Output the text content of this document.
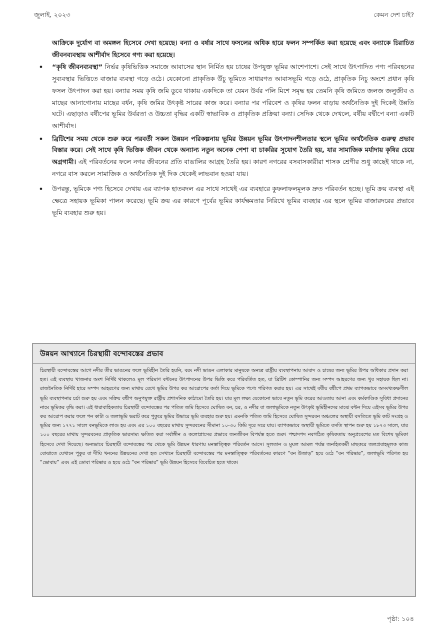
জুলাই, ২০২৩	কেমন দেশ চাই?

আক্রিকে দুর্যোগ বা অমঙ্গল হিসেবে দেখা হয়েছে। বন্যা ও বর্ষার সাথে ফসলের অধিক হারে ফলন সম্পর্কিত করা হয়েছে এবং বন্যাকে চিরাচিত জীবনব্যবস্থায় আশীর্বাদ হিসেবে গণ্য করা হয়েছে।

• “কৃষি জীবনব্যবস্থা” নির্ভর কৃষিভিত্তিক সমাজে আবাসের স্থান নির্মিত হয় চাষের উপযুক্ত ভূমির আশেপাশে। সেই সাথে উৎপাদিত পণ্য পরিবহনের সুব্যবস্থার ভিত্তিতে বাজার ব্যবস্থা গড়ে ওঠে। যেকোনো প্রাকৃতিক উঁচু ভূমিতে সাধারণত আবাসভূমি গড়ে ওঠে, প্রাকৃতিক নিচু অংশে প্রধান কৃষি ফসল উৎপাদন করা হয়। বন্যার সময় কৃষি জমি ডুবে থাকায় একদিকে তা যেমন উর্বর পলি মিশে সমৃদ্ধ হয় তেমনি কৃষি জমিতে জলজ জলুজীব ও মাছের আনাগোনায় মাছের বর্ধন, কৃষি জমির উৎকৃষ্ট সারের কাজ করে। বন্যার পর পরিবেশ ও কৃষির ফলন বাড়ায় অর্থনৈতিক দুই দিকেই উন্নতি ঘটে। এছাড়াও বর্ষীপের ভূমির উর্বরতা ও উচ্চতা বৃদ্ধির একটি স্বাভাবিক ও প্রাকৃতিক প্রক্রিয়া বন্যা। সেদিক থেকে দেখলে, বর্ষীয় বৰ্দ্বীপে বন্যা একটি আশীর্বাদ।

• ব্রিটিশের সময় থেকে শুরু করে পরবর্তী সকল উন্নয়ন পরিকল্পনায় ভূমির উন্নয়ন ভূমির উৎপাদনশীলতার স্থলে ভূমির অর্থনৈতিক গুরুত্ব প্রভাব বিস্তার করে। সেই সাথে কৃষি ভিত্তিক জীবন থেকে অন্যান্য নতুন অনেক পেশা বা চাকরির সুযোগ তৈরি হয়, যার সামাজিক মর্যাদায় কৃষির চেয়ে অগ্রগামী। এই পরিবর্তনের ফলে নগর জীবনের প্রতি বাঙালির আগ্রহ তৈরি হয়। কারণ নগরের বসবাসকারীরা শাসক শ্রেণীর শুধু কাছেই থাকে না, নগরে বাস করলে সামাজিক ও অর্থনৈতিক দুই দিক থেকেই লাভবান হওয়া যায়।

• উপরন্তু, ভূমিকে পণ্য হিসেবে দেখায় এর ব্যাপক হাতবদল এর সাথে সাথেই এর ব্যবহারে কুফলাফলমূলক দ্রুত পরিবর্তন হচ্ছে। ভূমি ক্রয় ব্যবস্থা এই ক্ষেত্রে সহায়ক ভূমিকা পালন করেছে। ভূমি ক্রয় এর কারণে পূর্বের ভূমির কার্যক্ষমতার নিরিখে ভূমির ব্যবহার এর স্থলে ভূমির বাজারদরের প্রভাবে ভূমি ব্যবহার শুরু হয়।

উন্নয়ন আখ্যানে চিরস্থায়ী বন্দোবস্তের প্রভাব

চিরস্থায়ী বন্দোবস্তের আগে নদীর তীর ভাঙনের ফলে ভূমিহীন তৈরি হয়নি, বরং নদী ভাঙন এলাকার মানুষকে অন্যত্র রাষ্ট্রীয় ব্যবস্থাপনায় আবাদ ও চাষের জন্য ভূমির উপর অধিকার প্রদান করা হত। এই ব্যবস্থায় খাজনার অংশ নির্দিষ্ট থাকলেও মূল পরিমাণ বন্টনের উৎপাদনের উপর ভিত্তি করে পরিবর্তিত হত, যা ব্রিটিশ কোম্পানির জন্য সম্পদ আহরণের জন্য খুব সহায়ক ছিল না। রাজনৈতিক নির্দিষ্ট হারে সম্পদ আহরণের জন্য মাথায় রেখে ভূমির উপর কর আরোপের কর্তা দিয়ে ভূমিকে পণ্যে পরিণত করার হয়। এর সাথেই বর্ষীয় বৰ্দ্বীপে প্রথম ব্যাপকভাবে অসংখ্যকক্ষণীল ভূমি ব্যবস্থাপনার চর্চা শুরু হয় এবং সক্রিয় বৰ্দ্বীপ অনুপযুক্ত রাষ্ট্রীয় প্রশাসনিক কাঠামো তৈরি হয়। যার মূল লক্ষ্য যেকোনো ভাবে নতুন ভূমি করের আওতায় আনা এবং কর্মকাণ্ডিক সুবিধা প্রদানের নামে ভূমিকর বৃদ্ধি করা। এই ধারাবাহিকতায় চিরস্থায়ী বন্দোবস্তের পর পতিত জমি হিসেবে ঘোষিত বন, চর, ও নদীর বা জলাভূমিকে নতুন উৎকৃষ্ট ভূমিহীনদের মাঝে বন্টন দিয়ে এইসব ভূমির উপর কর আরোপ করার ফলে পন কাটা ও জলাভূমি ভরাট করে পুকুরে ভূমির উদ্ধারে ভূমি ব্যবহার শুরু হয়। এমনকি পতিত জমি হিসেবে ঘোষিত সুন্দরবন অঞ্চলের অস্থায়ী বসতিতে ভূমি কাট সংগ্রহ ও ভূমির জন্য ১৭৭১ সালে বনভূমিকে লাগু হয় এবং এর ১০০ বছরের মাথায় সুন্দরবনের সীমানা ১০-৩০ কিমি দূরে সরে যায়। ব্যাপকভাবে অস্থায়ী ভূমিতে বসতি স্থাপন শুরু হয় ১৮৭৩ সালে, যার ১০০ বছরের মাথায় সুন্দরবনের প্রাকৃতিক ভারসাম্য ক্ষতিত করা সর্বাঙ্গীন ও কলোপ্লাসের প্রভাবে জনজীবন বিপর্যস্ত হতে শুরু। পশ্চাদপদ নবগঠিত কৃষিকতায় অনুপ্রবেশের মত বিশেষ ভূমিকা হিসেবে দেখা দিয়েছে। অন্যভাবে চিরস্থায়ী বন্দোবস্তের পর থেকে ভূমি উন্নয়ন ধারণায় মনস্তাত্ত্বিক পরিবর্তন আসে। সুলতান ও মুঘল আমল পর্যন্ত জনহিতকর্মী মাছকরে জলপ্রবাহমূলক কাজ বোঝাতে যেখানে পুকুর বা দীঘি খননের উন্নয়নের দেখা হত সেখানে চিরস্থায়ী বন্দোবস্তের পর মনস্তাত্ত্বিক পরিবর্তনের কারণে “বন উজাড়” হয়ে ওঠে “বন পরিষ্কার”, জলাভূমি পরিণত হয় “ভোবায়” এবং এই ডোবা পরিষ্কার ও হয়ে ওঠে “বন পরিষ্কার” ভূমি উন্নয়ন হিসেবে বিবেচিত হতে থাকে।

পৃষ্ঠা: ১০৪
